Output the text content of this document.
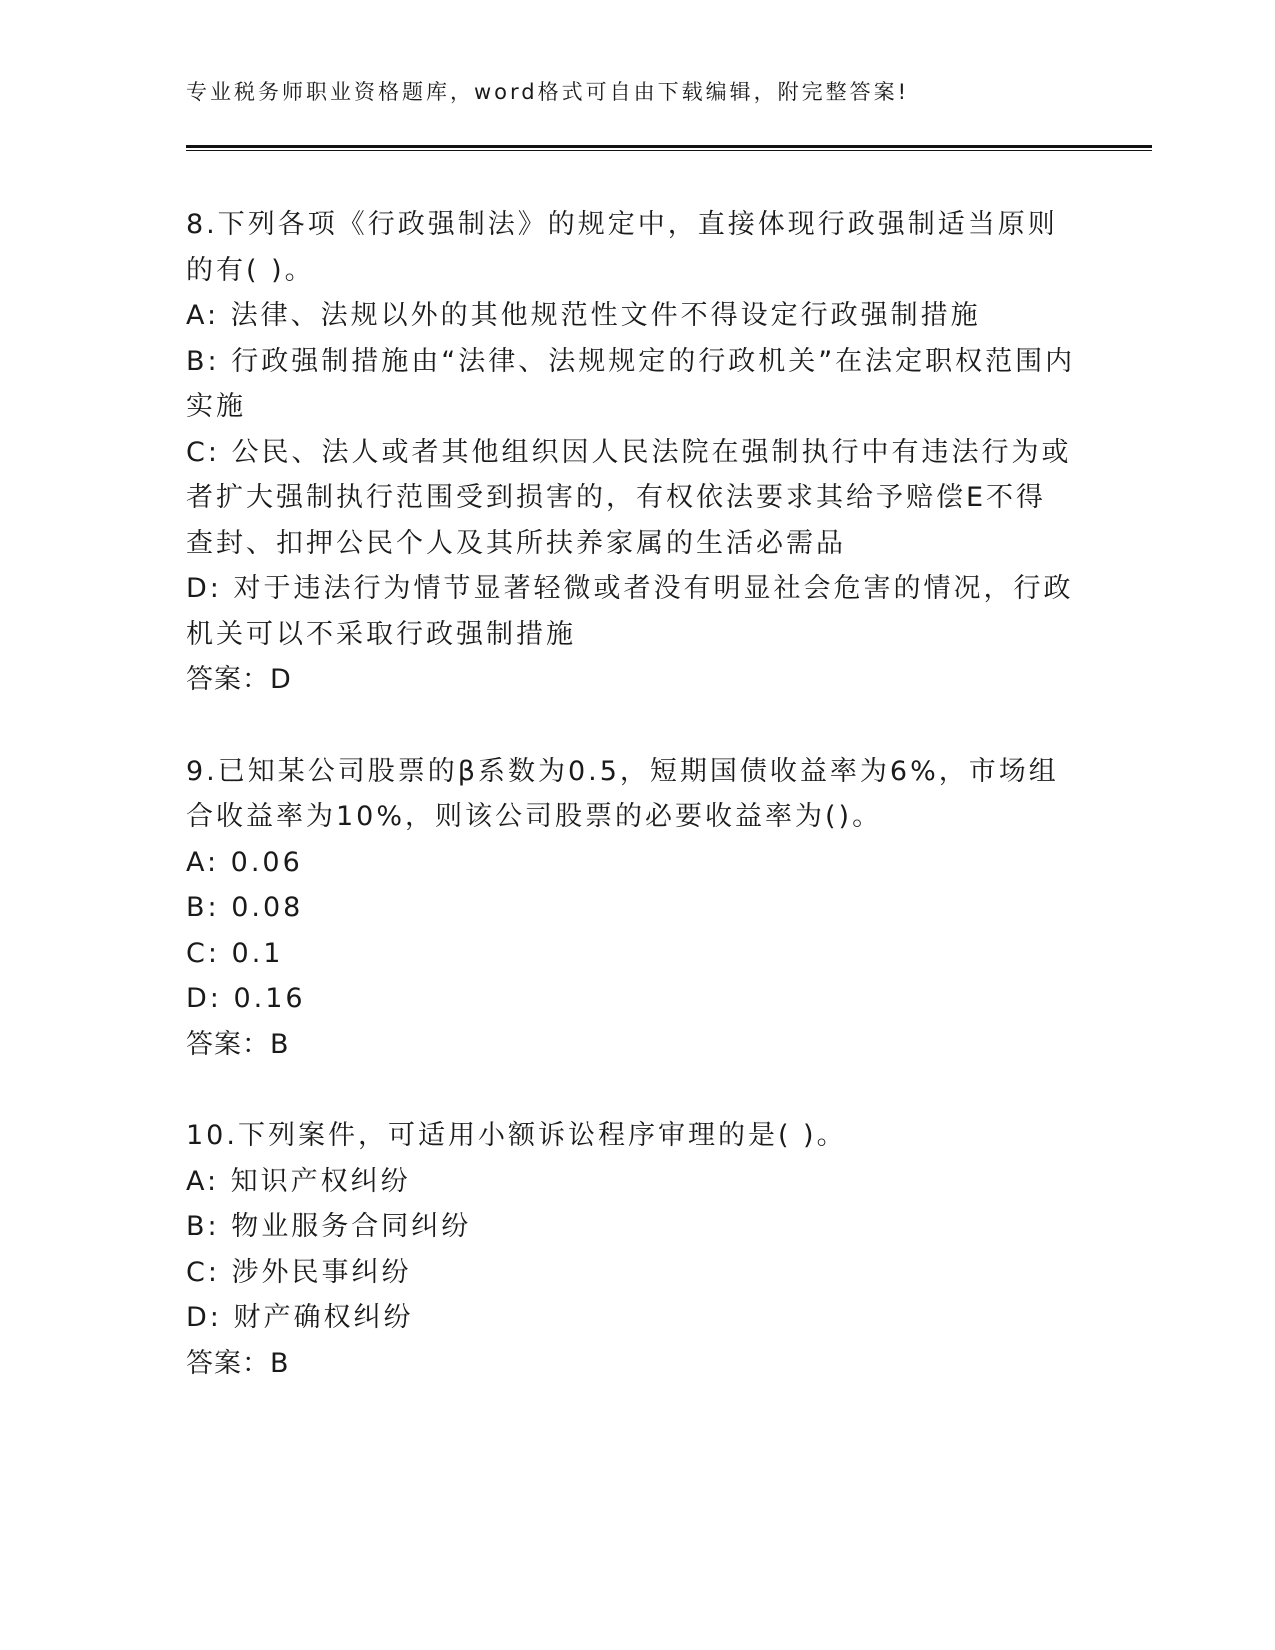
专业税务师职业资格题库，word格式可自由下载编辑，附完整答案!

8.下列各项《行政强制法》的规定中，直接体现行政强制适当原则的有( )。

A: 法律、法规以外的其他规范性文件不得设定行政强制措施

B: 行政强制措施由“法律、法规规定的行政机关”在法定职权范围内实施

C: 公民、法人或者其他组织因人民法院在强制执行中有违法行为或者扩大强制执行范围受到损害的，有权依法要求其给予赔偿E不得查封、扣押公民个人及其所扶养家属的生活必需品

D: 对于违法行为情节显著轻微或者没有明显社会危害的情况，行政机关可以不采取行政强制措施

答案：D

9.已知某公司股票的β系数为0.5，短期国债收益率为6%，市场组合收益率为10%，则该公司股票的必要收益率为()。

A: 0.06

B: 0.08

C: 0.1

D: 0.16

答案：B

10.下列案件，可适用小额诉讼程序审理的是( )。

A: 知识产权纠纷

B: 物业服务合同纠纷

C: 涉外民事纠纷

D: 财产确权纠纷

答案：B
